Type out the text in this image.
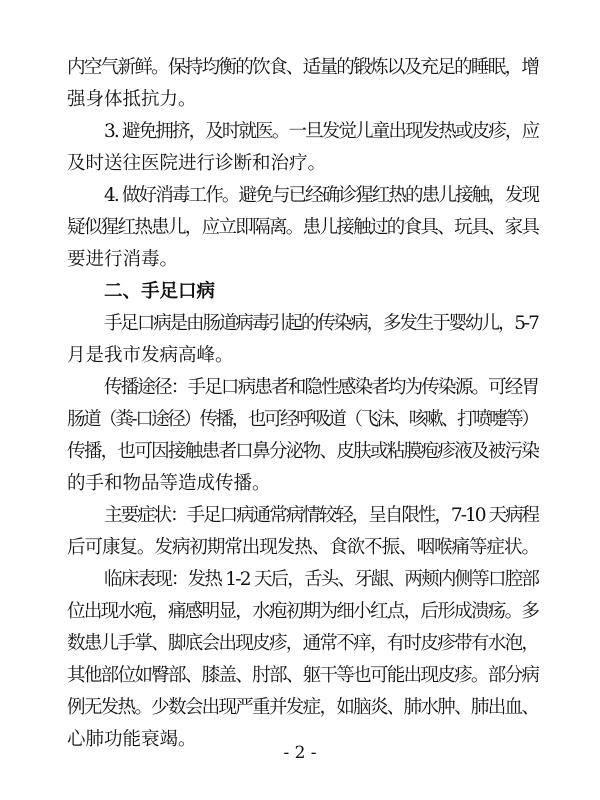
内空气新鲜。保持均衡的饮食、适量的锻炼以及充足的睡眠，增
强身体抵抗力。
3. 避免拥挤，及时就医。一旦发觉儿童出现发热或皮疹，应
及时送往医院进行诊断和治疗。
4. 做好消毒工作。避免与已经确诊猩红热的患儿接触，发现
疑似猩红热患儿，应立即隔离。患儿接触过的食具、玩具、家具
要进行消毒。
二、手足口病
手足口病是由肠道病毒引起的传染病，多发生于婴幼儿，5-7
月是我市发病高峰。
传播途径：手足口病患者和隐性感染者均为传染源。可经胃
肠道（粪-口途径）传播，也可经呼吸道（飞沫、咳嗽、打喷嚏等）
传播，也可因接触患者口鼻分泌物、皮肤或粘膜疱疹液及被污染
的手和物品等造成传播。
主要症状：手足口病通常病情较轻，呈自限性，7-10 天病程
后可康复。发病初期常出现发热、食欲不振、咽喉痛等症状。
临床表现：发热 1-2 天后，舌头、牙龈、两颊内侧等口腔部
位出现水疱，痛感明显，水疱初期为细小红点，后形成溃疡。多
数患儿手掌、脚底会出现皮疹，通常不痒，有时皮疹带有水泡，
其他部位如臀部、膝盖、肘部、躯干等也可能出现皮疹。部分病
例无发热。少数会出现严重并发症，如脑炎、肺水肿、肺出血、
心肺功能衰竭。
- 2 -
